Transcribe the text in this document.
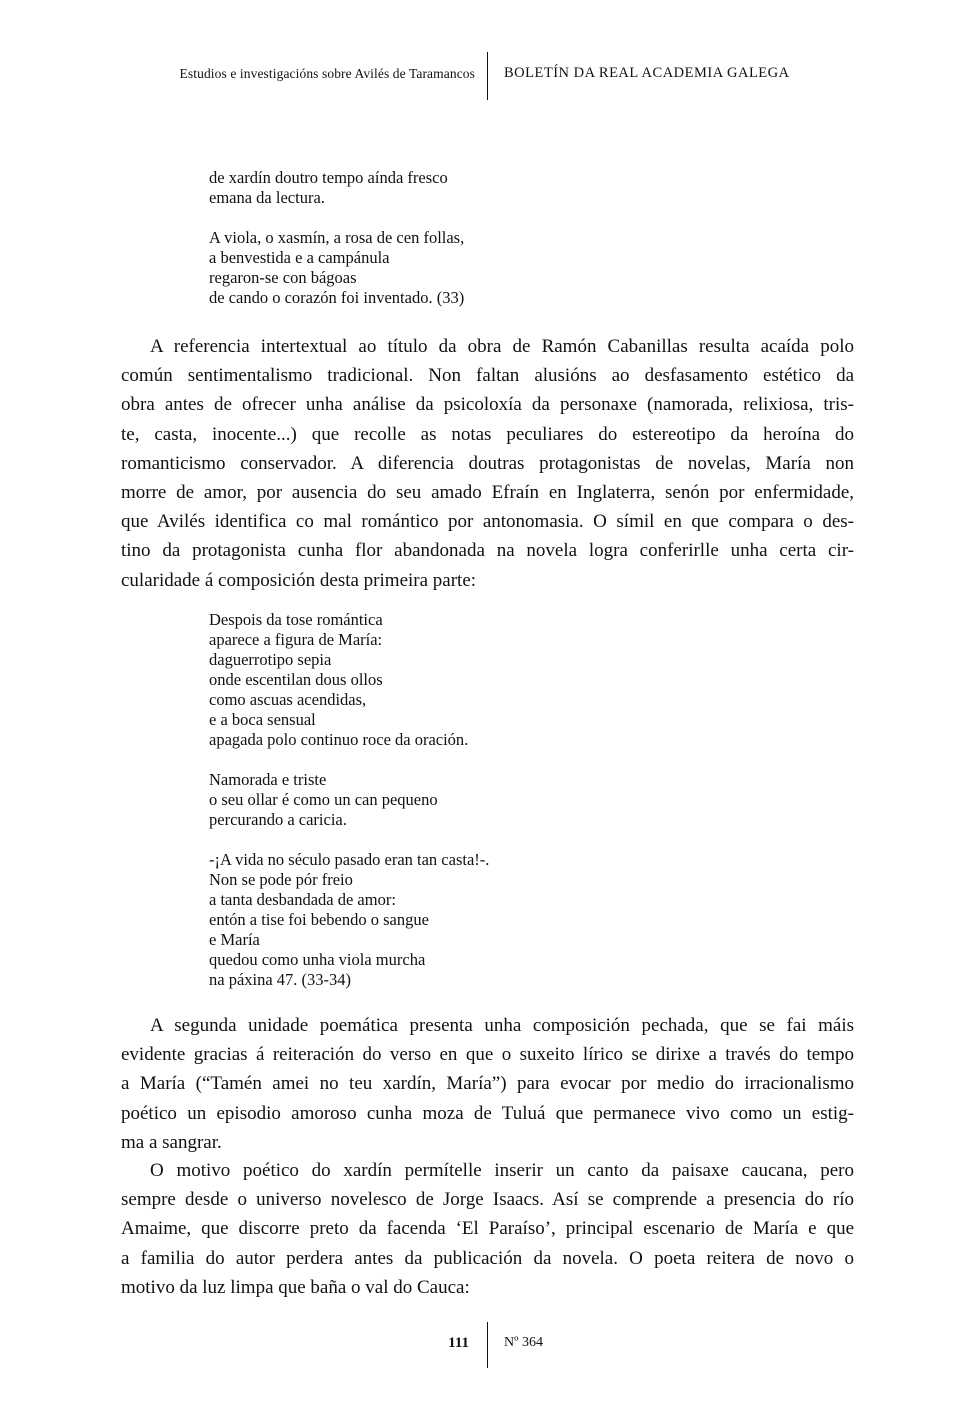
Estudios e investigacións sobre Avilés de Taramancos BOLETÍN DA REAL ACADEMIA GALEGA
de xardín doutro tempo aínda fresco
emana da lectura.
A viola, o xasmín, a rosa de cen follas,
a benvestida e a campánula
regaron-se con bágoas
de cando o corazón foi inventado. (33)
A referencia intertextual ao título da obra de Ramón Cabanillas resulta acaída polo
común sentimentalismo tradicional. Non faltan alusións ao desfasamento estético da
obra antes de ofrecer unha análise da psicoloxía da personaxe (namorada, relixiosa, tris-
te, casta, inocente...) que recolle as notas peculiares do estereotipo da heroína do
romanticismo conservador. A diferencia doutras protagonistas de novelas, María non
morre de amor, por ausencia do seu amado Efraín en Inglaterra, senón por enfermidade,
que Avilés identifica co mal romántico por antonomasia. O símil en que compara o des-
tino da protagonista cunha flor abandonada na novela logra conferirlle unha certa cir-
cularidade á composición desta primeira parte:
Despois da tose romántica
aparece a figura de María:
daguerrotipo sepia
onde escentilan dous ollos
como ascuas acendidas,
e a boca sensual
apagada polo continuo roce da oración.
Namorada e triste
o seu ollar é como un can pequeno
percurando a caricia.
-¡A vida no século pasado eran tan casta!-.
Non se pode pór freio
a tanta desbandada de amor:
entón a tise foi bebendo o sangue
e María
quedou como unha viola murcha
na páxina 47. (33-34)
A segunda unidade poemática presenta unha composición pechada, que se fai máis
evidente gracias á reiteración do verso en que o suxeito lírico se dirixe a través do tempo
a María (“Tamén amei no teu xardín, María”) para evocar por medio do irracionalismo
poético un episodio amoroso cunha moza de Tuluá que permanece vivo como un estig-
ma a sangrar.
O motivo poético do xardín permítelle inserir un canto da paisaxe caucana, pero
sempre desde o universo novelesco de Jorge Isaacs. Así se comprende a presencia do río
Amaime, que discorre preto da facenda ‘El Paraíso’, principal escenario de María e que
a familia do autor perdera antes da publicación da novela. O poeta reitera de novo o
motivo da luz limpa que baña o val do Cauca:
111	Nº 364
